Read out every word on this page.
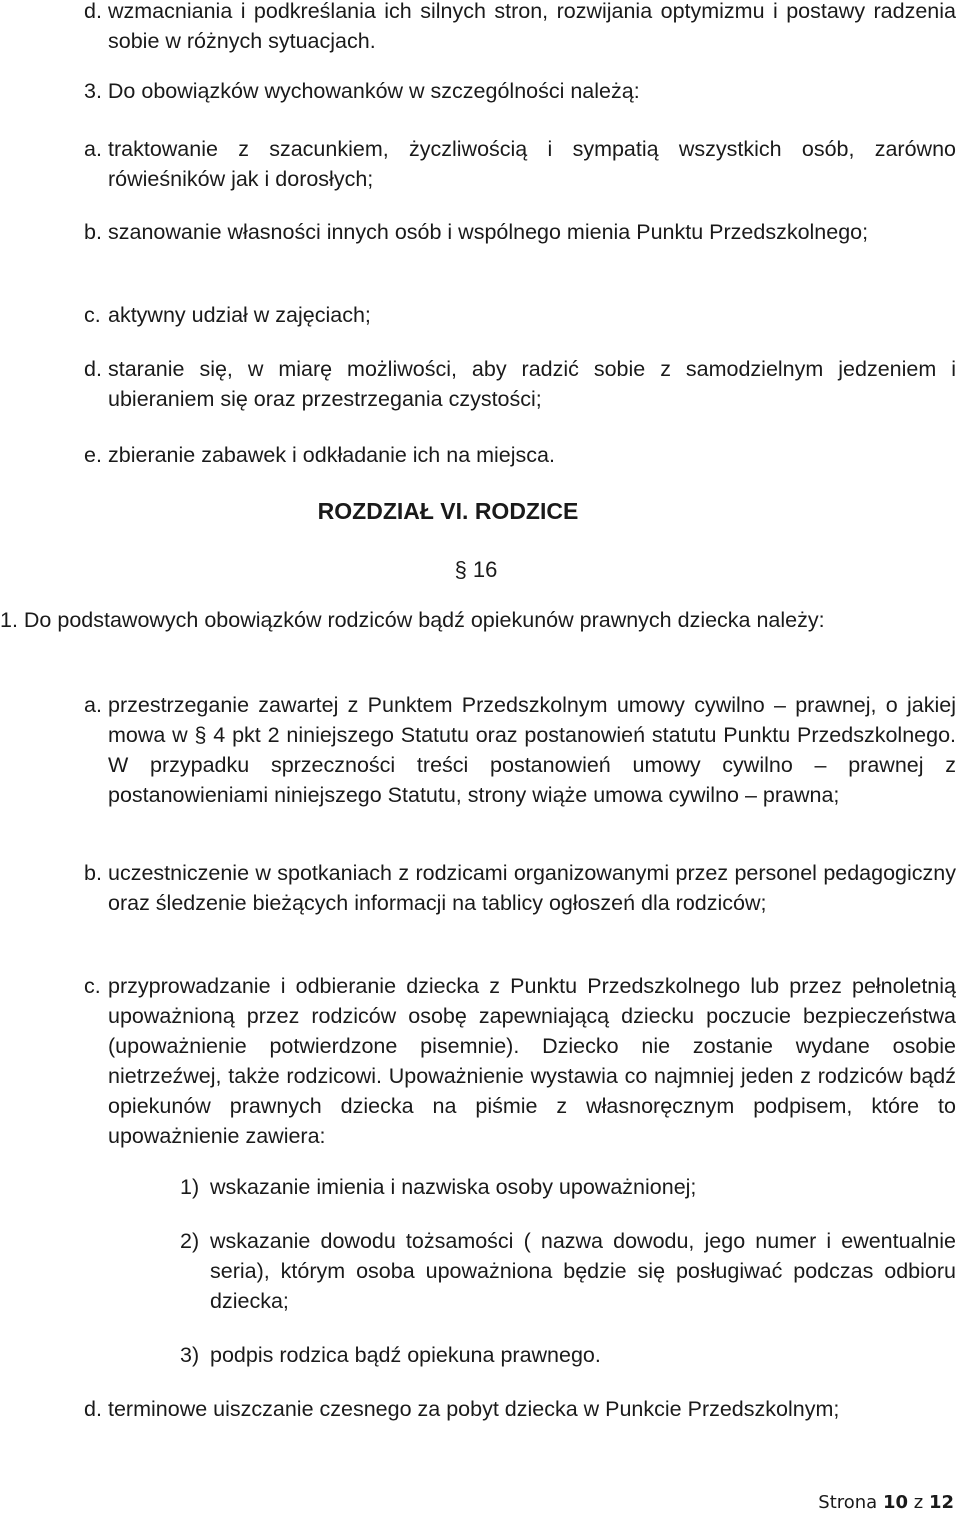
d. wzmacniania i podkreślania ich silnych stron, rozwijania optymizmu i postawy radzenia sobie w różnych sytuacjach.
3. Do obowiązków wychowanków w szczególności należą:
a. traktowanie z szacunkiem, życzliwością i sympatią wszystkich osób, zarówno rówieśników jak i dorosłych;
b. szanowanie własności innych osób i wspólnego mienia Punktu Przedszkolnego;
c. aktywny udział w zajęciach;
d. staranie się, w miarę możliwości, aby radzić sobie z samodzielnym jedzeniem i ubieraniem się oraz przestrzegania czystości;
e. zbieranie zabawek i odkładanie ich na miejsca.
ROZDZIAŁ VI. RODZICE
§ 16
1. Do podstawowych obowiązków rodziców bądź opiekunów prawnych dziecka należy:
a. przestrzeganie zawartej z Punktem Przedszkolnym umowy cywilno – prawnej, o jakiej mowa w § 4 pkt 2 niniejszego Statutu oraz postanowień statutu Punktu Przedszkolnego. W przypadku sprzeczności treści postanowień umowy cywilno – prawnej z postanowieniami niniejszego Statutu, strony wiąże umowa cywilno – prawna;
b. uczestniczenie w spotkaniach z rodzicami organizowanymi przez personel pedagogiczny oraz śledzenie bieżących informacji na tablicy ogłoszeń dla rodziców;
c. przyprowadzanie i odbieranie dziecka z Punktu Przedszkolnego lub przez pełnoletnią upoważnioną przez rodziców osobę zapewniającą dziecku poczucie bezpieczeństwa (upoważnienie potwierdzone pisemnie). Dziecko nie zostanie wydane osobie nietrzeźwej, także rodzicowi. Upoważnienie wystawia co najmniej jeden z rodziców bądź opiekunów prawnych dziecka na piśmie z własnoręcznym podpisem, które to upoważnienie zawiera:
1) wskazanie imienia i nazwiska osoby upoważnionej;
2) wskazanie dowodu tożsamości ( nazwa dowodu, jego numer i ewentualnie seria), którym osoba upoważniona będzie się posługiwać podczas odbioru dziecka;
3) podpis rodzica bądź opiekuna prawnego.
d. terminowe uiszczanie czesnego za pobyt dziecka w Punkcie Przedszkolnym;
Strona 10 z 12
